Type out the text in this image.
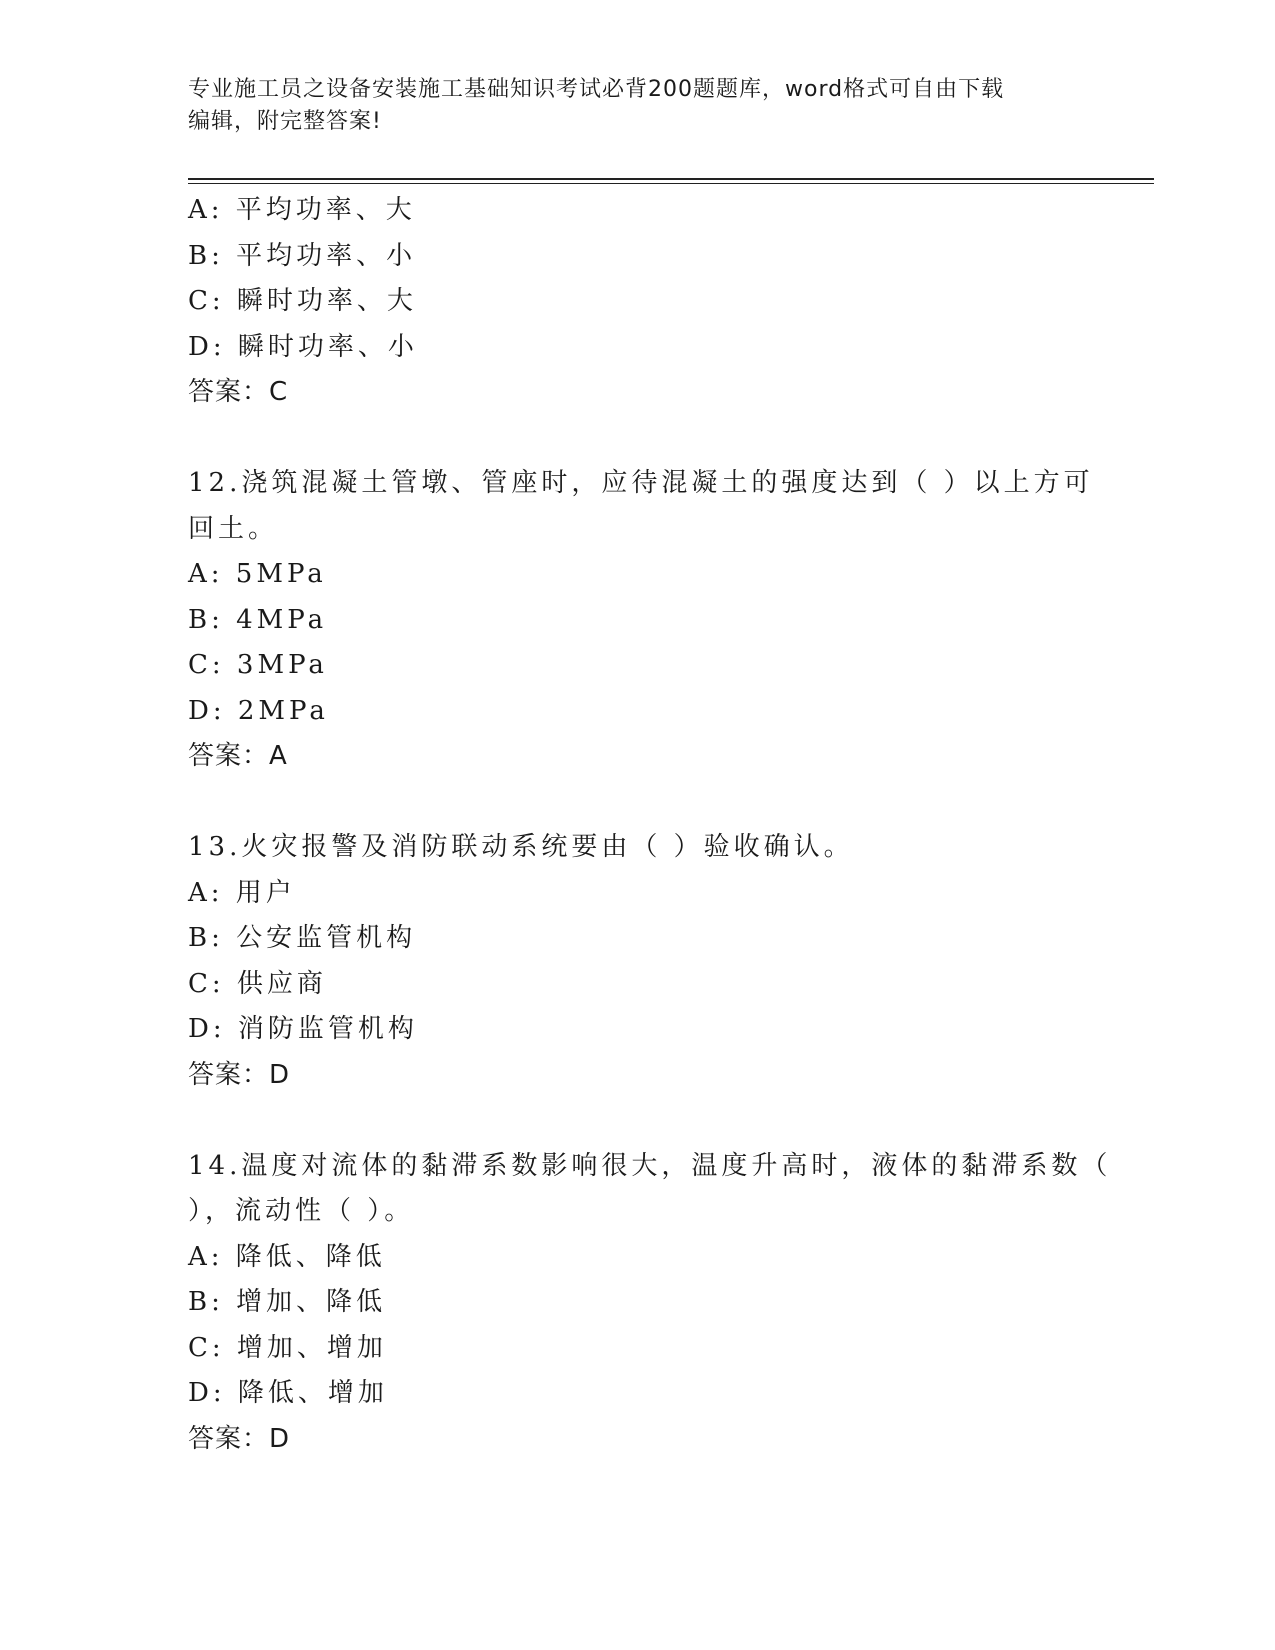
专业施工员之设备安装施工基础知识考试必背200题题库，word格式可自由下载
编辑，附完整答案!
A: 平均功率、大
B: 平均功率、小
C: 瞬时功率、大
D: 瞬时功率、小
答案：C
12.浇筑混凝土管墩、管座时，应待混凝土的强度达到（ ）以上方可
回土。
A: 5MPa
B: 4MPa
C: 3MPa
D: 2MPa
答案：A
13.火灾报警及消防联动系统要由（ ）验收确认。
A: 用户
B: 公安监管机构
C: 供应商
D: 消防监管机构
答案：D
14.温度对流体的黏滞系数影响很大，温度升高时，液体的黏滞系数（
），流动性（ ）。
A: 降低、降低
B: 增加、降低
C: 增加、增加
D: 降低、增加
答案：D
